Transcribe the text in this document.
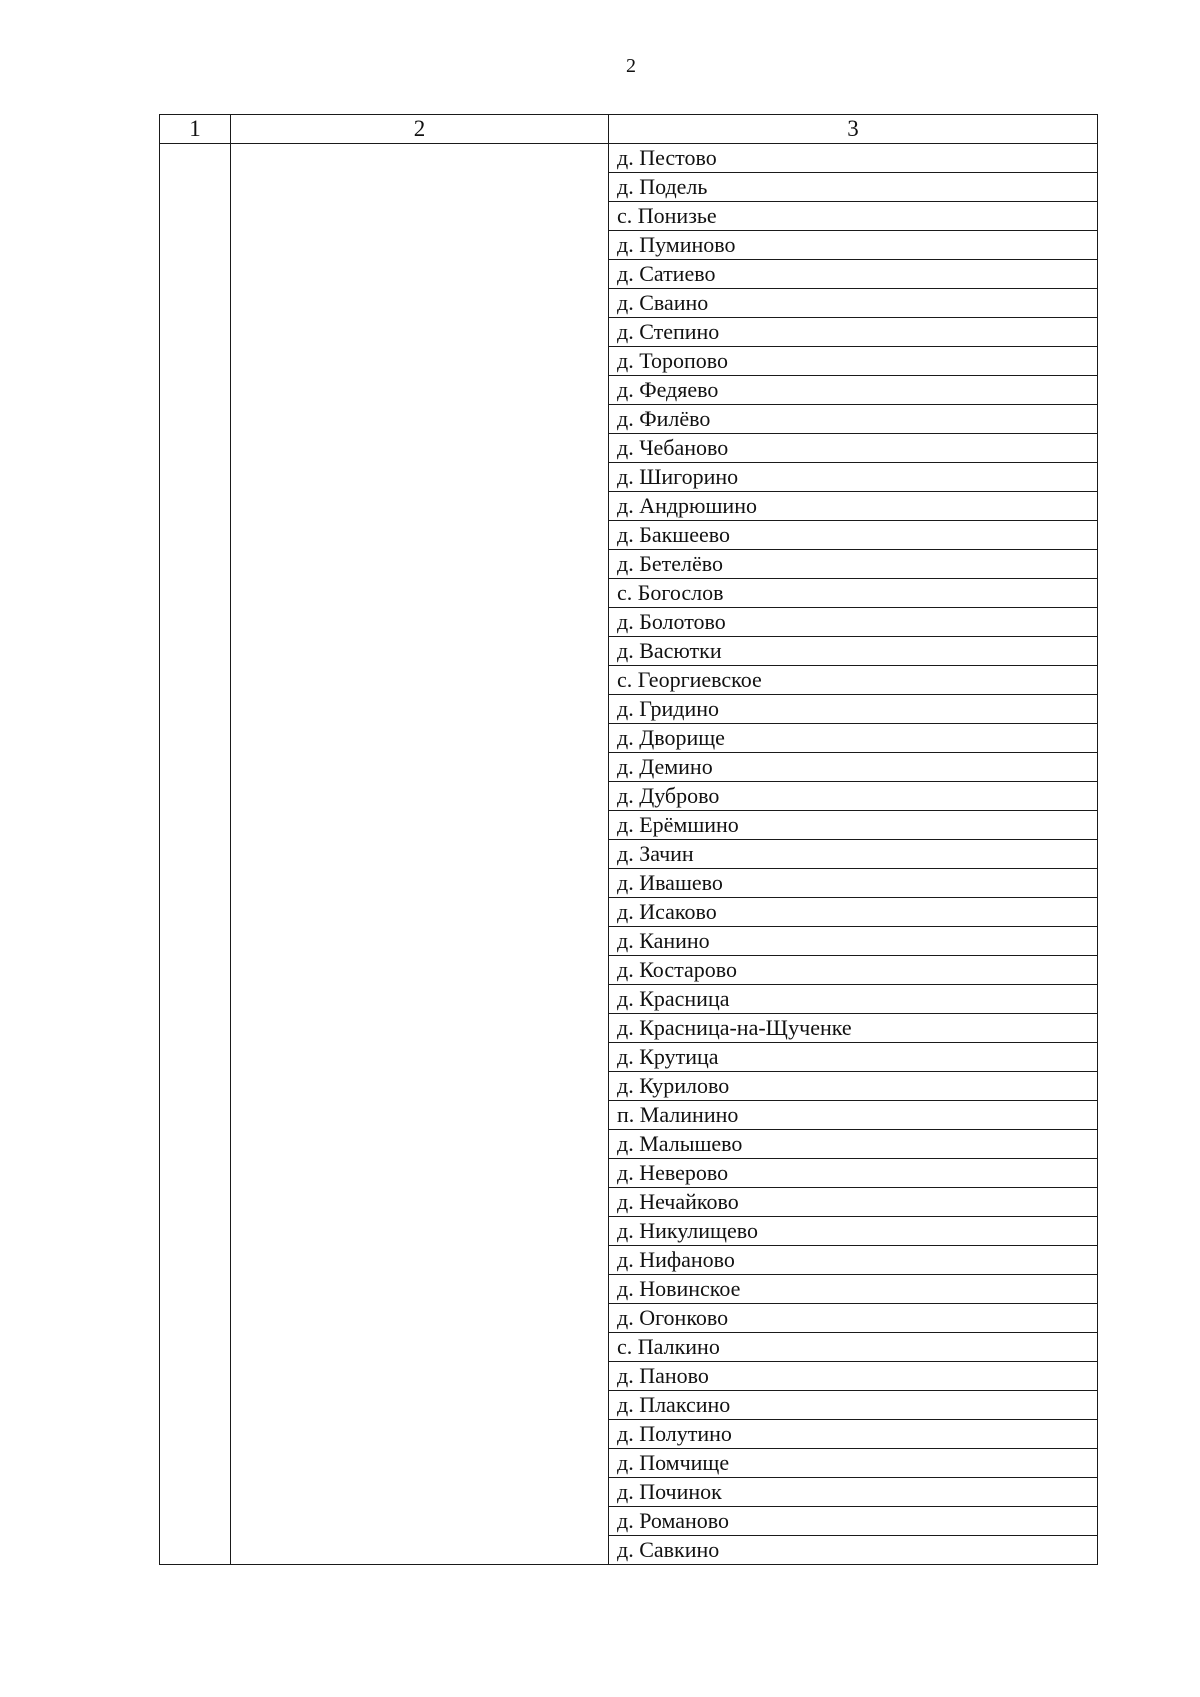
2
1	2	3
		д. Пестово
		д. Подель
		с. Понизье
		д. Пуминово
		д. Сатиево
		д. Сваино
		д. Степино
		д. Торопово
		д. Федяево
		д. Филёво
		д. Чебаново
		д. Шигорино
		д. Андрюшино
		д. Бакшеево
		д. Бетелёво
		с. Богослов
		д. Болотово
		д. Васютки
		с. Георгиевское
		д. Гридино
		д. Дворище
		д. Демино
		д. Дуброво
		д. Ерёмшино
		д. Зачин
		д. Ивашево
		д. Исаково
		д. Канино
		д. Костарово
		д. Красница
		д. Красница-на-Щученке
		д. Крутица
		д. Курилово
		п. Малинино
		д. Малышево
		д. Неверово
		д. Нечайково
		д. Никулищево
		д. Нифаново
		д. Новинское
		д. Огонково
		с. Палкино
		д. Паново
		д. Плаксино
		д. Полутино
		д. Помчище
		д. Починок
		д. Романово
		д. Савкино
